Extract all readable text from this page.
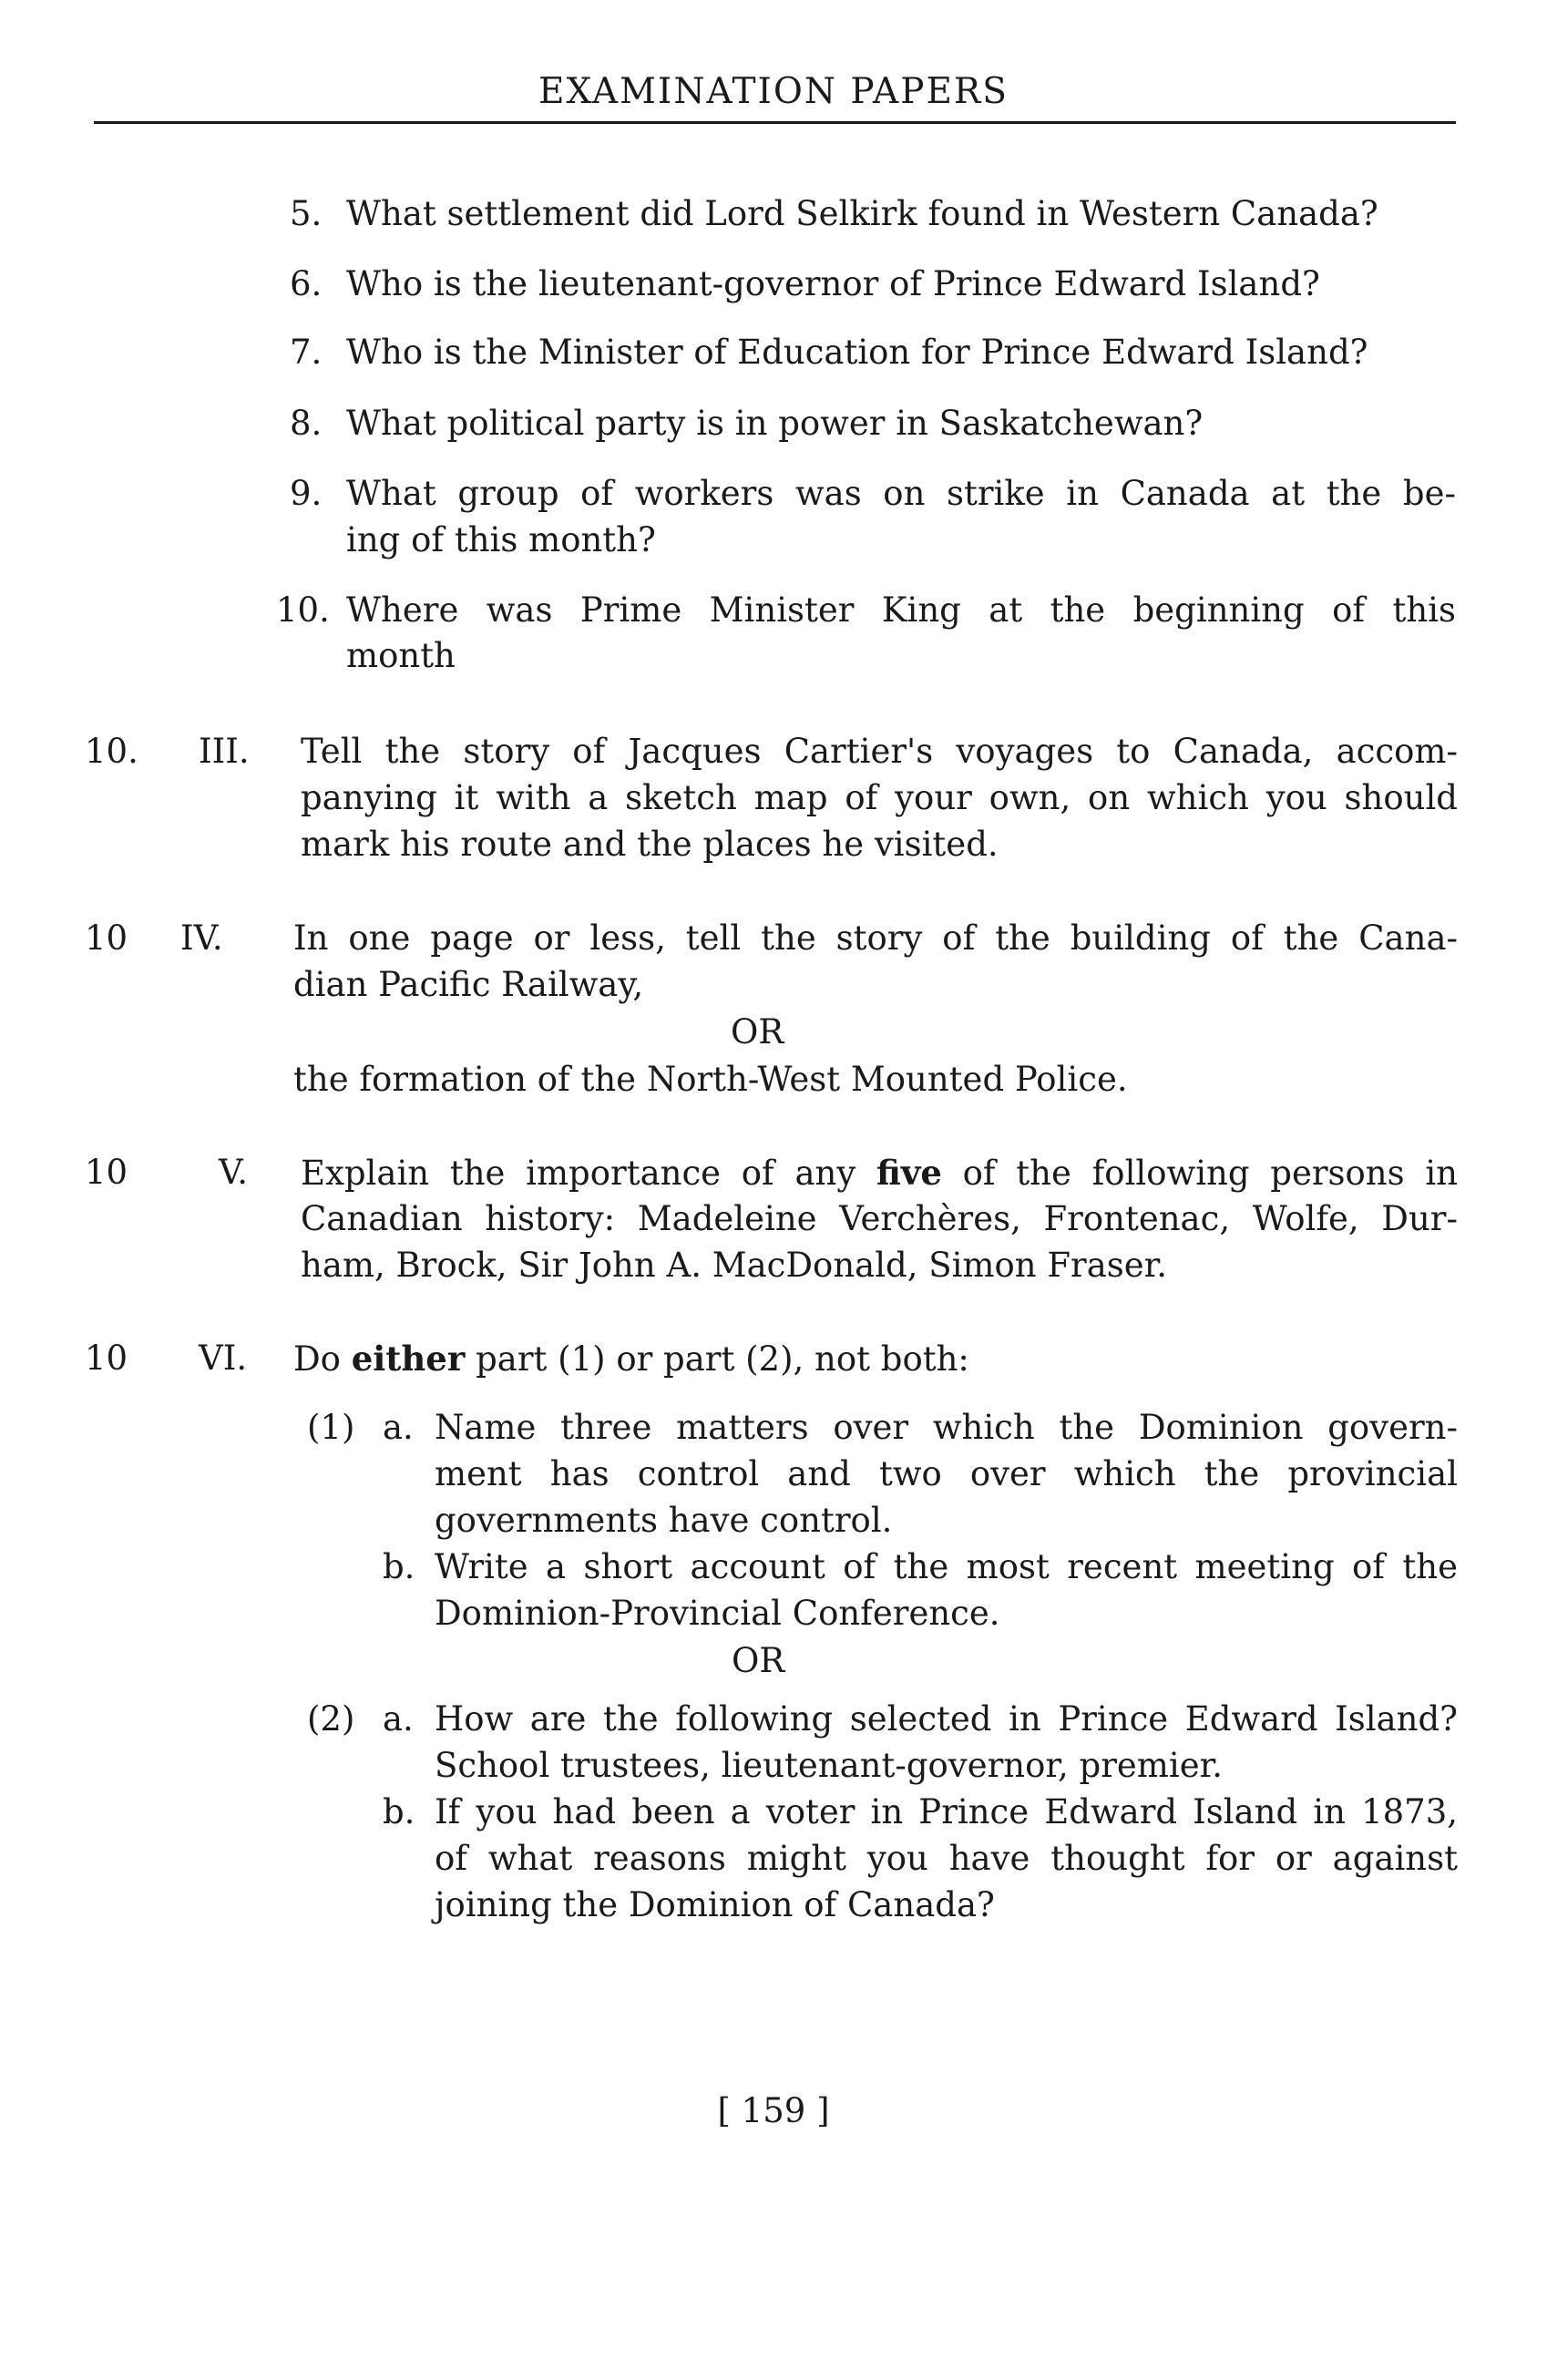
EXAMINATION PAPERS
5. What settlement did Lord Selkirk found in Western Canada?
6. Who is the lieutenant-governor of Prince Edward Island?
7. Who is the Minister of Education for Prince Edward Island?
8. What political party is in power in Saskatchewan?
9. What group of workers was on strike in Canada at the be-
ing of this month?
10. Where was Prime Minister King at the beginning of this
month
10. III. Tell the story of Jacques Cartier's voyages to Canada, accom-
panying it with a sketch map of your own, on which you should
mark his route and the places he visited.
10 IV. In one page or less, tell the story of the building of the Cana-
dian Pacific Railway,
OR
the formation of the North-West Mounted Police.
10	V. Explain the importance of any five of the following persons in
Canadian history: Madeleine Verchères, Frontenac, Wolfe, Dur-
ham, Brock, Sir John A. MacDonald, Simon Fraser.
10 VI. Do either part (1) or part (2), not both:
(1) a. Name three matters over which the Dominion govern-
ment has control and two over which the provincial
governments have control.
b. Write a short account of the most recent meeting of the
Dominion-Provincial Conference.
OR
(2) a. How are the following selected in Prince Edward Island?
School trustees, lieutenant-governor, premier.
b. If you had been a voter in Prince Edward Island in 1873,
of what reasons might you have thought for or against
joining the Dominion of Canada?
[ 159 ]
